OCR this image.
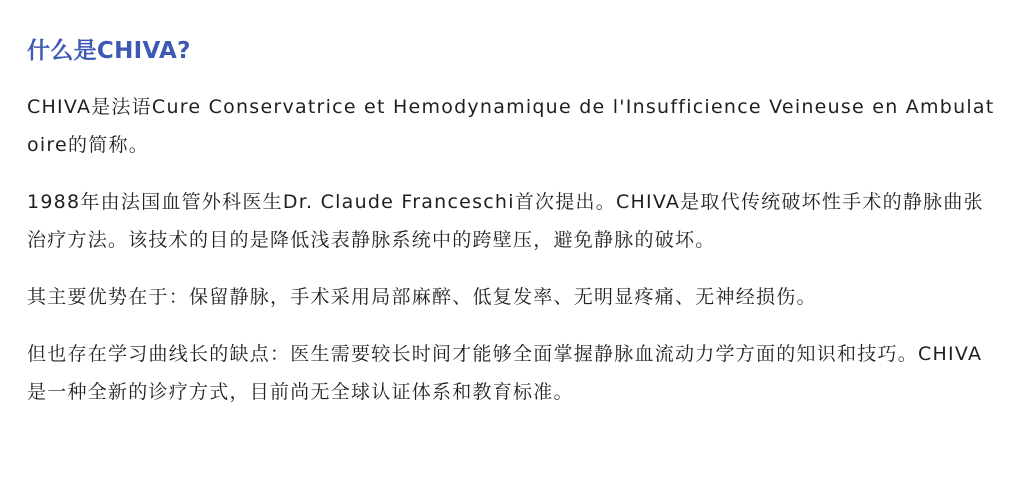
什么是CHIVA?

CHIVA是法语Cure Conservatrice et Hemodynamique de l'Insufficience Veineuse en Ambulatoire的简称。

1988年由法国血管外科医生Dr. Claude Franceschi首次提出。CHIVA是取代传统破坏性手术的静脉曲张治疗方法。该技术的目的是降低浅表静脉系统中的跨壁压，避免静脉的破坏。

其主要优势在于：保留静脉，手术采用局部麻醉、低复发率、无明显疼痛、无神经损伤。

但也存在学习曲线长的缺点：医生需要较长时间才能够全面掌握静脉血流动力学方面的知识和技巧。CHIVA是一种全新的诊疗方式，目前尚无全球认证体系和教育标准。
